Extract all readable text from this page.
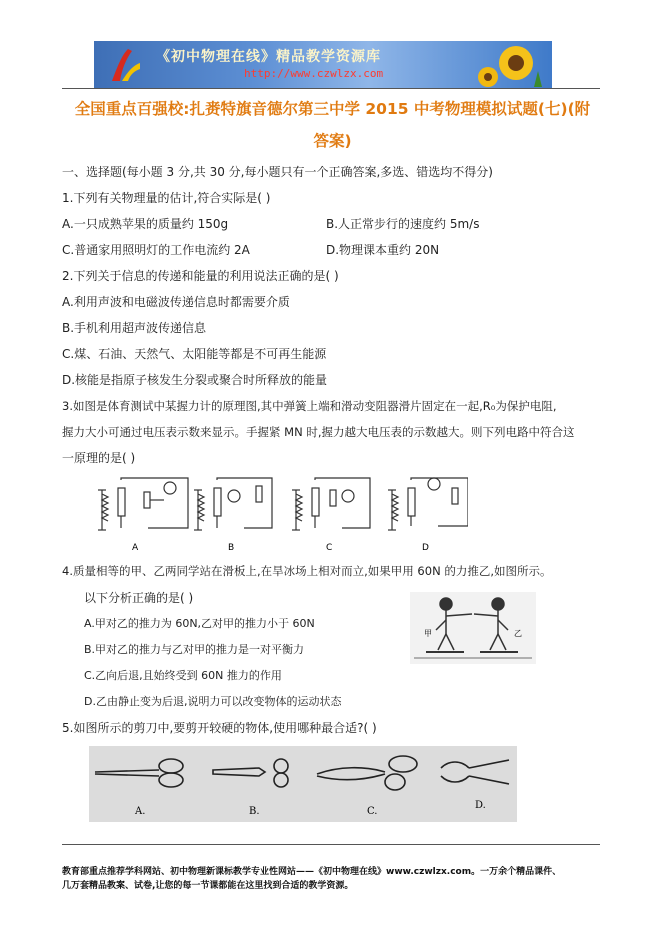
《初中物理在线》精品教学资源库
http://www.czwlzx.com
全国重点百强校:扎赉特旗音德尔第三中学 2015 中考物理模拟试题(七)(附
答案)
一、选择题(每小题 3 分,共 30 分,每小题只有一个正确答案,多选、错选均不得分)
1.下列有关物理量的估计,符合实际是( )
A.一只成熟苹果的质量约 150g	B.人正常步行的速度约 5m/s
C.普通家用照明灯的工作电流约 2A	D.物理课本重约 20N
2.下列关于信息的传递和能量的利用说法正确的是( )
A.利用声波和电磁波传递信息时都需要介质
B.手机利用超声波传递信息
C.煤、石油、天然气、太阳能等都是不可再生能源
D.核能是指原子核发生分裂或聚合时所释放的能量
3.如图是体育测试中某握力计的原理图,其中弹簧上端和滑动变阻器滑片固定在一起,R₀为保护电阻,
握力大小可通过电压表示数来显示。手握紧 MN 时,握力越大电压表的示数越大。则下列电路中符合这
一原理的是( )
A	B	C	D
4.质量相等的甲、乙两同学站在滑板上,在旱冰场上相对而立,如果甲用 60N 的力推乙,如图所示。
以下分析正确的是( )
A.甲对乙的推力为 60N,乙对甲的推力小于 60N
B.甲对乙的推力与乙对甲的推力是一对平衡力
C.乙向后退,且始终受到 60N 推力的作用
D.乙由静止变为后退,说明力可以改变物体的运动状态
甲	乙
5.如图所示的剪刀中,要剪开较硬的物体,使用哪种最合适?( )
A.	B.	C.
D.
教育部重点推荐学科网站、初中物理新课标教学专业性网站——《初中物理在线》www.czwlzx.com。一万余个精品课件、
几万套精品教案、试卷,让您的每一节课都能在这里找到合适的教学资源。
